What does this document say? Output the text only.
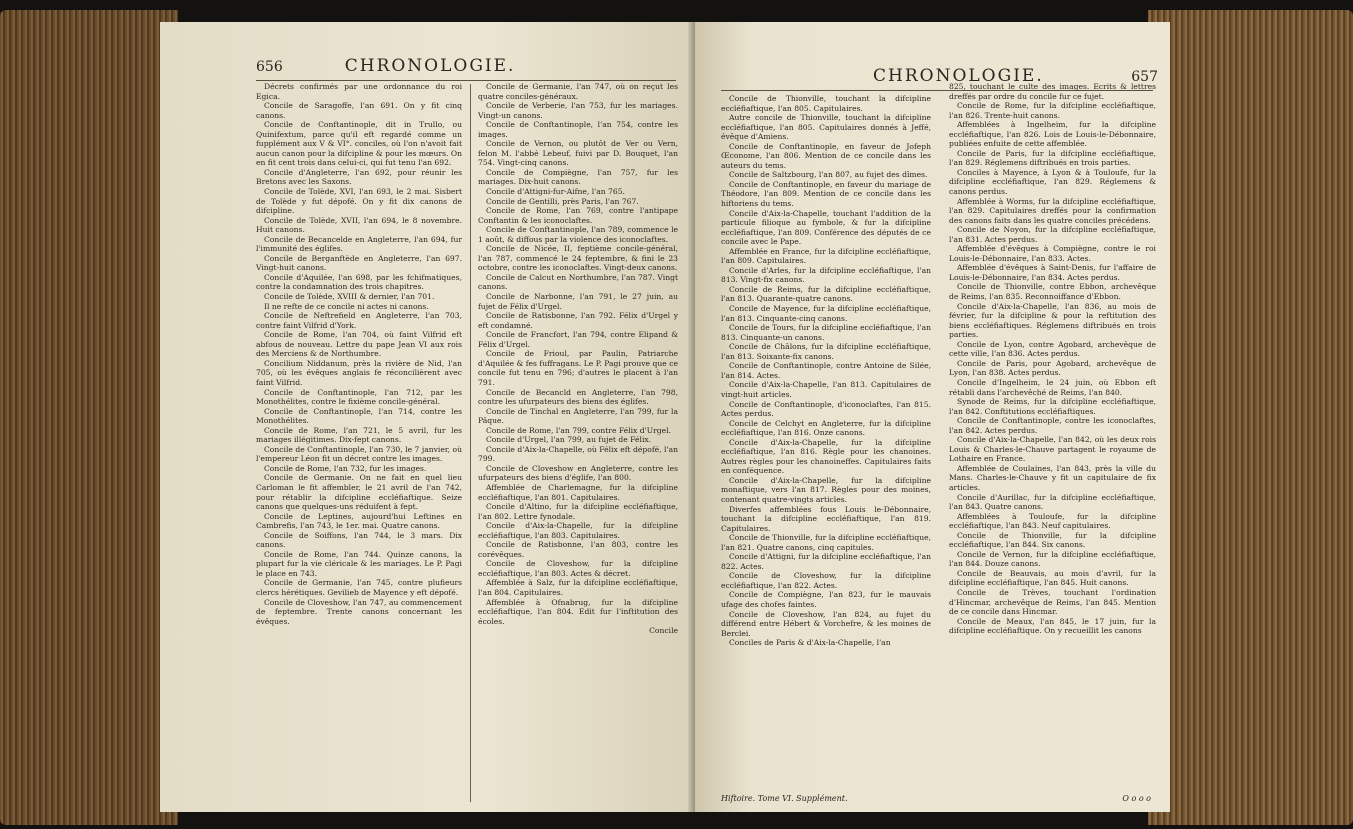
656	CHRONOLOGIE.

Décrets confirmés par une ordonnance du roi Egica.

Concile de Saragoffe, l'an 691. On y fit cinq canons.

Concile de Conftantinople, dit in Trullo, ou Quinifextum, parce qu'il eft regardé comme un fupplément aux V & VI°. conciles, où l'on n'avoit fait aucun canon pour la difcipline & pour les mœurs. On en fit cent trois dans celui-ci, qui fut tenu l'an 692.

Concile d'Angleterre, l'an 692, pour réunir les Bretons avec les Saxons.

Concile de Tolède, XVI, l'an 693, le 2 mai. Sisbert de Tolède y fut dépofé. On y fit dix canons de difcipline.

Concile de Tolède, XVII, l'an 694, le 8 novembre. Huit canons.

Concile de Becancelde en Angleterre, l'an 694, fur l'immunité des églifes.

Concile de Berganftède en Angleterre, l'an 697. Vingt-huit canons.

Concile d'Aquilée, l'an 698, par les fchifmatiques, contre la condamnation des trois chapitres.

Concile de Tolède, XVIII & dernier, l'an 701.

Il ne refte de ce concile ni actes ni canons.

Concile de Neftrefield en Angleterre, l'an 703, contre faint Vilfrid d'York.

Concile de Rome, l'an 704, où faint Vilfrid eft abfous de nouveau. Lettre du pape Jean VI aux rois des Merciens & de Northumbre.

Concilium Niddanum, près la rivière de Nid, l'an 705, où les évêques anglais fe réconcilièrent avec faint Vilfrid.

Concile de Conftantinople, l'an 712, par les Monothélites, contre le fixième concile-général.

Concile de Conftantinople, l'an 714, contre les Monothélites.

Concile de Rome, l'an 721, le 5 avril, fur les mariages illégitimes. Dix-fept canons.

Concile de Conftantinople, l'an 730, le 7 janvier, où l'empereur Léon fit un décret contre les images.

Concile de Rome, l'an 732, fur les images.

Concile de Germanie. On ne fait en quel lieu Carloman le fit affembler, le 21 avril de l'an 742, pour rétablir la difcipline eccléfiaftique. Seize canons que quelques-uns réduifent à fept.

Concile de Leptines, aujourd'hui Leftines en Cambrefis, l'an 743, le 1er. mai. Quatre canons.

Concile de Soiffons, l'an 744, le 3 mars. Dix canons.

Concile de Rome, l'an 744. Quinze canons, la plupart fur la vie cléricale & les mariages. Le P. Pagi le place en 743.

Concile de Germanie, l'an 745, contre plufieurs clercs hérétiques. Gevilieb de Mayence y eft dépofé.

Concile de Cloveshow, l'an 747, au commencement de feptembre. Trente canons concernant les évêques.

Concile de Germanie, l'an 747, où on reçut les quatre conciles-généraux.

Concile de Verberie, l'an 753, fur les mariages. Vingt-un canons.

Concile de Conftantinople, l'an 754, contre les images.

Concile de Vernon, ou plutôt de Ver ou Vern, felon M. l'abbé Lebeuf, fuivi par D. Bouquet, l'an 754. Vingt-cinq canons.

Concile de Compiègne, l'an 757, fur les mariages. Dix-huit canons.

Concile d'Attigni-fur-Aifne, l'an 765.

Concile de Gentilli, près Paris, l'an 767.

Concile de Rome, l'an 769, contre l'antipape Conftantin & les iconoclaftes.

Concile de Conftantinople, l'an 789, commence le 1 août, & diffous par la violence des iconoclaftes.

Concile de Nicée, II, feptième concile-général, l'an 787, commencé le 24 feptembre, & fini le 23 octobre, contre les iconoclaftes. Vingt-deux canons.

Concile de Calcut en Northumbre, l'an 787. Vingt canons.

Concile de Narbonne, l'an 791, le 27 juin, au fujet de Félix d'Urgel.

Concile de Ratisbonne, l'an 792. Félix d'Urgel y eft condamné.

Concile de Francfort, l'an 794, contre Elipand & Félix d'Urgel.

Concile de Frioul, par Paulin, Patriarche d'Aquilée & fes fuffragans. Le P. Pagi prouve que ce concile fut tenu en 796; d'autres le placent à l'an 791.

Concile de Becancld en Angleterre, l'an 798, contre les ufurpateurs des biens des églifes.

Concile de Tinchal en Angleterre, l'an 799, fur la Pâque.

Concile de Rome, l'an 799, contre Félix d'Urgel.

Concile d'Urgel, l'an 799, au fujet de Félix.

Concile d'Aix-la-Chapelle, où Félix eft dépofé, l'an 799.

Concile de Cloveshow en Angleterre, contre les ufurpateurs des biens d'églife, l'an 800.

Affemblée de Charlemagne, fur la difcipline eccléfiaftique, l'an 801. Capitulaires.

Concile d'Altino, fur la difcipline eccléfiaftique, l'an 802. Lettre fynodale.

Concile d'Aix-la-Chapelle, fur la difcipline eccléfiaftique, l'an 803. Capitulaires.

Concile de Ratisbonne, l'an 803, contre les corévêques.

Concile de Cloveshow, fur la difcipline eccléfiaftique, l'an 803. Actes & décret.

Affemblée à Salz, fur la difcipline eccléfiaftique, l'an 804. Capitulaires.

Affemblée à Ofnabrug, fur la difcipline eccléfiaftique, l'an 804. Edit fur l'inftitution des écoles.

Concile

CHRONOLOGIE.	657

Concile de Thionville, touchant la difcipline eccléfiaftique, l'an 805. Capitulaires.

Autre concile de Thionville, touchant la difcipline eccléfiaftique, l'an 805. Capitulaires donnés à Jeffé, évêque d'Amiens.

Concile de Conftantinople, en faveur de Jofeph Œconome, l'an 806. Mention de ce concile dans les auteurs du tems.

Concile de Saltzbourg, l'an 807, au fujet des dîmes.

Concile de Conftantinople, en faveur du mariage de Théodore, l'an 809. Mention de ce concile dans les hiftoriens du tems.

Concile d'Aix-la-Chapelle, touchant l'addition de la particule filioque au fymbole, & fur la difcipline eccléfiaftique, l'an 809. Conférence des députés de ce concile avec le Pape.

Affemblée en France, fur la difcipline eccléfiaftique, l'an 809. Capitulaires.

Concile d'Arles, fur la difcipline eccléfiaftique, l'an 813. Vingt-fix canons.

Concile de Reims, fur la difcipline eccléfiaftique, l'an 813. Quarante-quatre canons.

Concile de Mayence, fur la difcipline eccléfiaftique, l'an 813. Cinquante-cinq canons.

Concile de Tours, fur la difcipline eccléfiaftique, l'an 813. Cinquante-un canons.

Concile de Châlons, fur la difcipline eccléfiaftique, l'an 813. Soixante-fix canons.

Concile de Conftantinople, contre Antoine de Silée, l'an 814. Actes.

Concile d'Aix-la-Chapelle, l'an 813. Capitulaires de vingt-huit articles.

Concile de Conftantinople, d'iconoclaftes, l'an 815. Actes perdus.

Concile de Celchyt en Angleterre, fur la difcipline eccléfiaftique, l'an 816. Onze canons.

Concile d'Aix-la-Chapelle, fur la difcipline eccléfiaftique, l'an 816. Règle pour les chanoines. Autres règles pour les chanoineffes. Capitulaires faits en conféquence.

Concile d'Aix-la-Chapelle, fur la difcipline monaftique, vers l'an 817. Règles pour des moines, contenant quatre-vingts articles.

Diverfes affemblées fous Louis le-Débonnaire, touchant la difcipline eccléfiaftique, l'an 819. Capitulaires.

Concile de Thionville, fur la difcipline eccléfiaftique, l'an 821. Quatre canons, cinq capitules.

Concile d'Attigni, fur la difcipline eccléfiaftique, l'an 822. Actes.

Concile de Cloveshow, fur la difcipline eccléfiaftique, l'an 822. Actes.

Concile de Compiègne, l'an 823, fur le mauvais ufage des chofes faintes.

Concile de Cloveshow, l'an 824, au fujet du différend entre Hébert & Vorchefre, & les moines de Berclei.

Conciles de Paris & d'Aix-la-Chapelle, l'an

825, touchant le culte des images. Ecrits & lettres dreffés par ordre du concile fur ce fujet.

Concile de Rome, fur la difcipline eccléfiaftique, l'an 826. Trente-huit canons.

Affemblées à Ingelheim, fur la difcipline eccléfiaftique, l'an 826. Lois de Louis-le-Débonnaire, publiées enfuite de cette affemblée.

Concile de Paris, fur la difcipline eccléfiaftique, l'an 829. Réglemens diftribués en trois parties.

Conciles à Mayence, à Lyon & à Touloufe, fur la difcipline eccléfiaftique, l'an 829. Réglemens & canons perdus.

Affemblée à Worms, fur la difcipline eccléfiaftique, l'an 829. Capitulaires dreffés pour la confirmation des canons faits dans les quatre conciles précédens.

Concile de Noyon, fur la difcipline eccléfiaftique, l'an 831. Actes perdus.

Affemblée d'évêques à Compiègne, contre le roi Louis-le-Débonnaire, l'an 833. Actes.

Affemblée d'évêques à Saint-Denis, fur l'affaire de Louis-le-Débonnaire, l'an 834. Actes perdus.

Concile de Thionville, contre Ebbon, archevêque de Reims, l'an 835. Reconnoiffance d'Ebbon.

Concile d'Aix-la-Chapelle, l'an 836, au mois de février, fur la difcipline & pour la reftitution des biens eccléfiaftiques. Réglemens diftribués en trois parties.

Concile de Lyon, contre Agobard, archevêque de cette ville, l'an 836. Actes perdus.

Concile de Paris, pour Agobard, archevêque de Lyon, l'an 838. Actes perdus.

Concile d'Ingelheim, le 24 juin, où Ebbon eft rétabli dans l'archevêché de Reims, l'an 840.

Synode de Reims, fur la difcipline eccléfiaftique, l'an 842. Conftitutions eccléfiaftiques.

Concile de Conftantinople, contre les iconoclaftes, l'an 842. Actes perdus.

Concile d'Aix-la-Chapelle, l'an 842, où les deux rois Louis & Charles-le-Chauve partagent le royaume de Lothaire en France.

Affemblée de Coulaines, l'an 843, près la ville du Mans. Charles-le-Chauve y fit un capitulaire de fix articles.

Concile d'Aurillac, fur la difcipline eccléfiaftique, l'an 843. Quatre canons.

Affemblées à Touloufe, fur la difcipline eccléfiaftique, l'an 843. Neuf capitulaires.

Concile de Thionville, fur la difcipline eccléfiaftique, l'an 844. Six canons.

Concile de Vernon, fur la difcipline eccléfiaftique, l'an 844. Douze canons.

Concile de Beauvais, au mois d'avril, fur la difcipline eccléfiaftique, l'an 845. Huit canons.

Concile de Trèves, touchant l'ordination d'Hincmar, archevêque de Reims, l'an 845. Mention de ce concile dans Hincmar.

Concile de Meaux, l'an 845, le 17 juin, fur la difcipline eccléfiaftique. On y recueillit les canons

Hiftoire. Tome VI. Supplément.	O o o o
